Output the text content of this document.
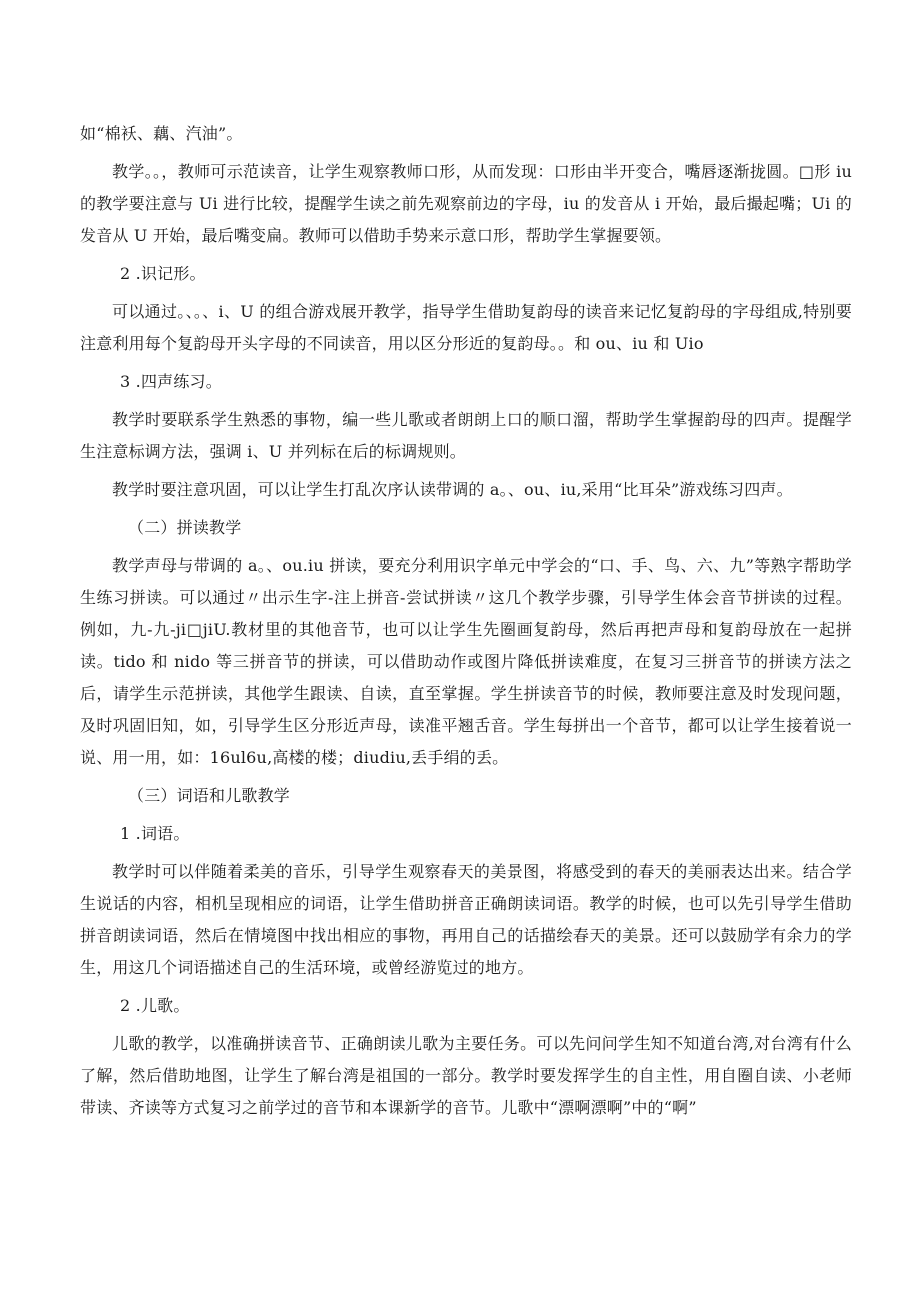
如“棉袄、藕、汽油”。

教学。。，教师可示范读音，让学生观察教师口形，从而发现：口形由半开变合，嘴唇逐渐拢圆。□形 iu 的教学要注意与 Ui 进行比较，提醒学生读之前先观察前边的字母，iu 的发音从 i 开始，最后撮起嘴；Ui 的发音从 U 开始，最后嘴变扁。教师可以借助手势来示意口形，帮助学生掌握要领。

2 .识记形。

可以通过。、。、i、U 的组合游戏展开教学，指导学生借助复韵母的读音来记忆复韵母的字母组成,特别要注意利用每个复韵母开头字母的不同读音，用以区分形近的复韵母。。和 ou、iu 和 Uio

3 .四声练习。

教学时要联系学生熟悉的事物，编一些儿歌或者朗朗上口的顺口溜，帮助学生掌握韵母的四声。提醒学生注意标调方法，强调 i、U 并列标在后的标调规则。

教学时要注意巩固，可以让学生打乱次序认读带调的 a。、ou、iu,采用“比耳朵”游戏练习四声。

（二）拼读教学

教学声母与带调的 a。、ou.iu 拼读，要充分利用识字单元中学会的“口、手、鸟、六、九”等熟字帮助学生练习拼读。可以通过〃出示生字-注上拼音-尝试拼读〃这几个教学步骤，引导学生体会音节拼读的过程。例如，九-九-ji□jiU.教材里的其他音节，也可以让学生先圈画复韵母，然后再把声母和复韵母放在一起拼读。tido 和 nido 等三拼音节的拼读，可以借助动作或图片降低拼读难度，在复习三拼音节的拼读方法之后，请学生示范拼读，其他学生跟读、自读，直至掌握。学生拼读音节的时候，教师要注意及时发现问题，及时巩固旧知，如，引导学生区分形近声母，读准平翘舌音。学生每拼出一个音节，都可以让学生接着说一说、用一用，如：16ul6u,高楼的楼；diudiu,丢手绢的丢。

（三）词语和儿歌教学

1 .词语。

教学时可以伴随着柔美的音乐，引导学生观察春天的美景图，将感受到的春天的美丽表达出来。结合学生说话的内容，相机呈现相应的词语，让学生借助拼音正确朗读词语。教学的时候，也可以先引导学生借助拼音朗读词语，然后在情境图中找出相应的事物，再用自己的话描绘春天的美景。还可以鼓励学有余力的学生，用这几个词语描述自己的生活环境，或曾经游览过的地方。

2 .儿歌。

儿歌的教学，以准确拼读音节、正确朗读儿歌为主要任务。可以先问问学生知不知道台湾,对台湾有什么了解，然后借助地图，让学生了解台湾是祖国的一部分。教学时要发挥学生的自主性，用自圈自读、小老师带读、齐读等方式复习之前学过的音节和本课新学的音节。儿歌中“漂啊漂啊”中的“啊”
